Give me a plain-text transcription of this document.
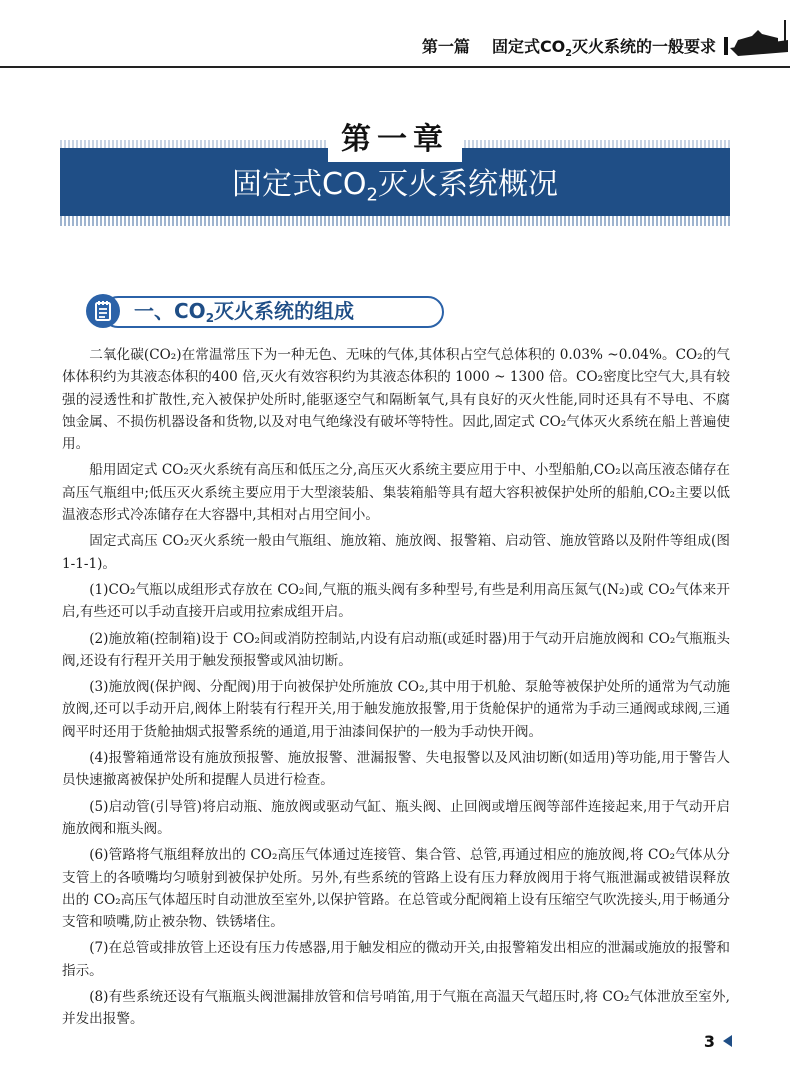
第一篇 固定式$CO_2$灭火系统的一般要求
第一章
固定式$CO_2$灭火系统概况
一、$CO_2$灭火系统的组成

二氧化碳(CO₂)在常温常压下为一种无色、无味的气体,其体积占空气总体积的 0.03% ~0.04%。CO₂的气体体积约为其液态体积的400 倍,灭火有效容积约为其液态体积的 1000 ~ 1300 倍。CO₂密度比空气大,具有较强的浸透性和扩散性,充入被保护处所时,能驱逐空气和隔断氧气,具有良好的灭火性能,同时还具有不导电、不腐蚀金属、不损伤机器设备和货物,以及对电气绝缘没有破坏等特性。因此,固定式 CO₂气体灭火系统在船上普遍使用。

船用固定式 CO₂灭火系统有高压和低压之分,高压灭火系统主要应用于中、小型船舶,CO₂以高压液态储存在高压气瓶组中;低压灭火系统主要应用于大型滚装船、集装箱船等具有超大容积被保护处所的船舶,CO₂主要以低温液态形式冷冻储存在大容器中,其相对占用空间小。

固定式高压 CO₂灭火系统一般由气瓶组、施放箱、施放阀、报警箱、启动管、施放管路以及附件等组成(图 1-1-1)。

(1)CO₂气瓶以成组形式存放在 CO₂间,气瓶的瓶头阀有多种型号,有些是利用高压氮气(N₂)或 CO₂气体来开启,有些还可以手动直接开启或用拉索成组开启。

(2)施放箱(控制箱)设于 CO₂间或消防控制站,内设有启动瓶(或延时器)用于气动开启施放阀和 CO₂气瓶瓶头阀,还设有行程开关用于触发预报警或风油切断。

(3)施放阀(保护阀、分配阀)用于向被保护处所施放 CO₂,其中用于机舱、泵舱等被保护处所的通常为气动施放阀,还可以手动开启,阀体上附装有行程开关,用于触发施放报警,用于货舱保护的通常为手动三通阀或球阀,三通阀平时还用于货舱抽烟式报警系统的通道,用于油漆间保护的一般为手动快开阀。

(4)报警箱通常设有施放预报警、施放报警、泄漏报警、失电报警以及风油切断(如适用)等功能,用于警告人员快速撤离被保护处所和提醒人员进行检查。

(5)启动管(引导管)将启动瓶、施放阀或驱动气缸、瓶头阀、止回阀或增压阀等部件连接起来,用于气动开启施放阀和瓶头阀。

(6)管路将气瓶组释放出的 CO₂高压气体通过连接管、集合管、总管,再通过相应的施放阀,将 CO₂气体从分支管上的各喷嘴均匀喷射到被保护处所。另外,有些系统的管路上设有压力释放阀用于将气瓶泄漏或被错误释放出的 CO₂高压气体超压时自动泄放至室外,以保护管路。在总管或分配阀箱上设有压缩空气吹洗接头,用于畅通分支管和喷嘴,防止被杂物、铁锈堵住。

(7)在总管或排放管上还设有压力传感器,用于触发相应的微动开关,由报警箱发出相应的泄漏或施放的报警和指示。

(8)有些系统还设有气瓶瓶头阀泄漏排放管和信号哨笛,用于气瓶在高温天气超压时,将 CO₂气体泄放至室外,并发出报警。

3
